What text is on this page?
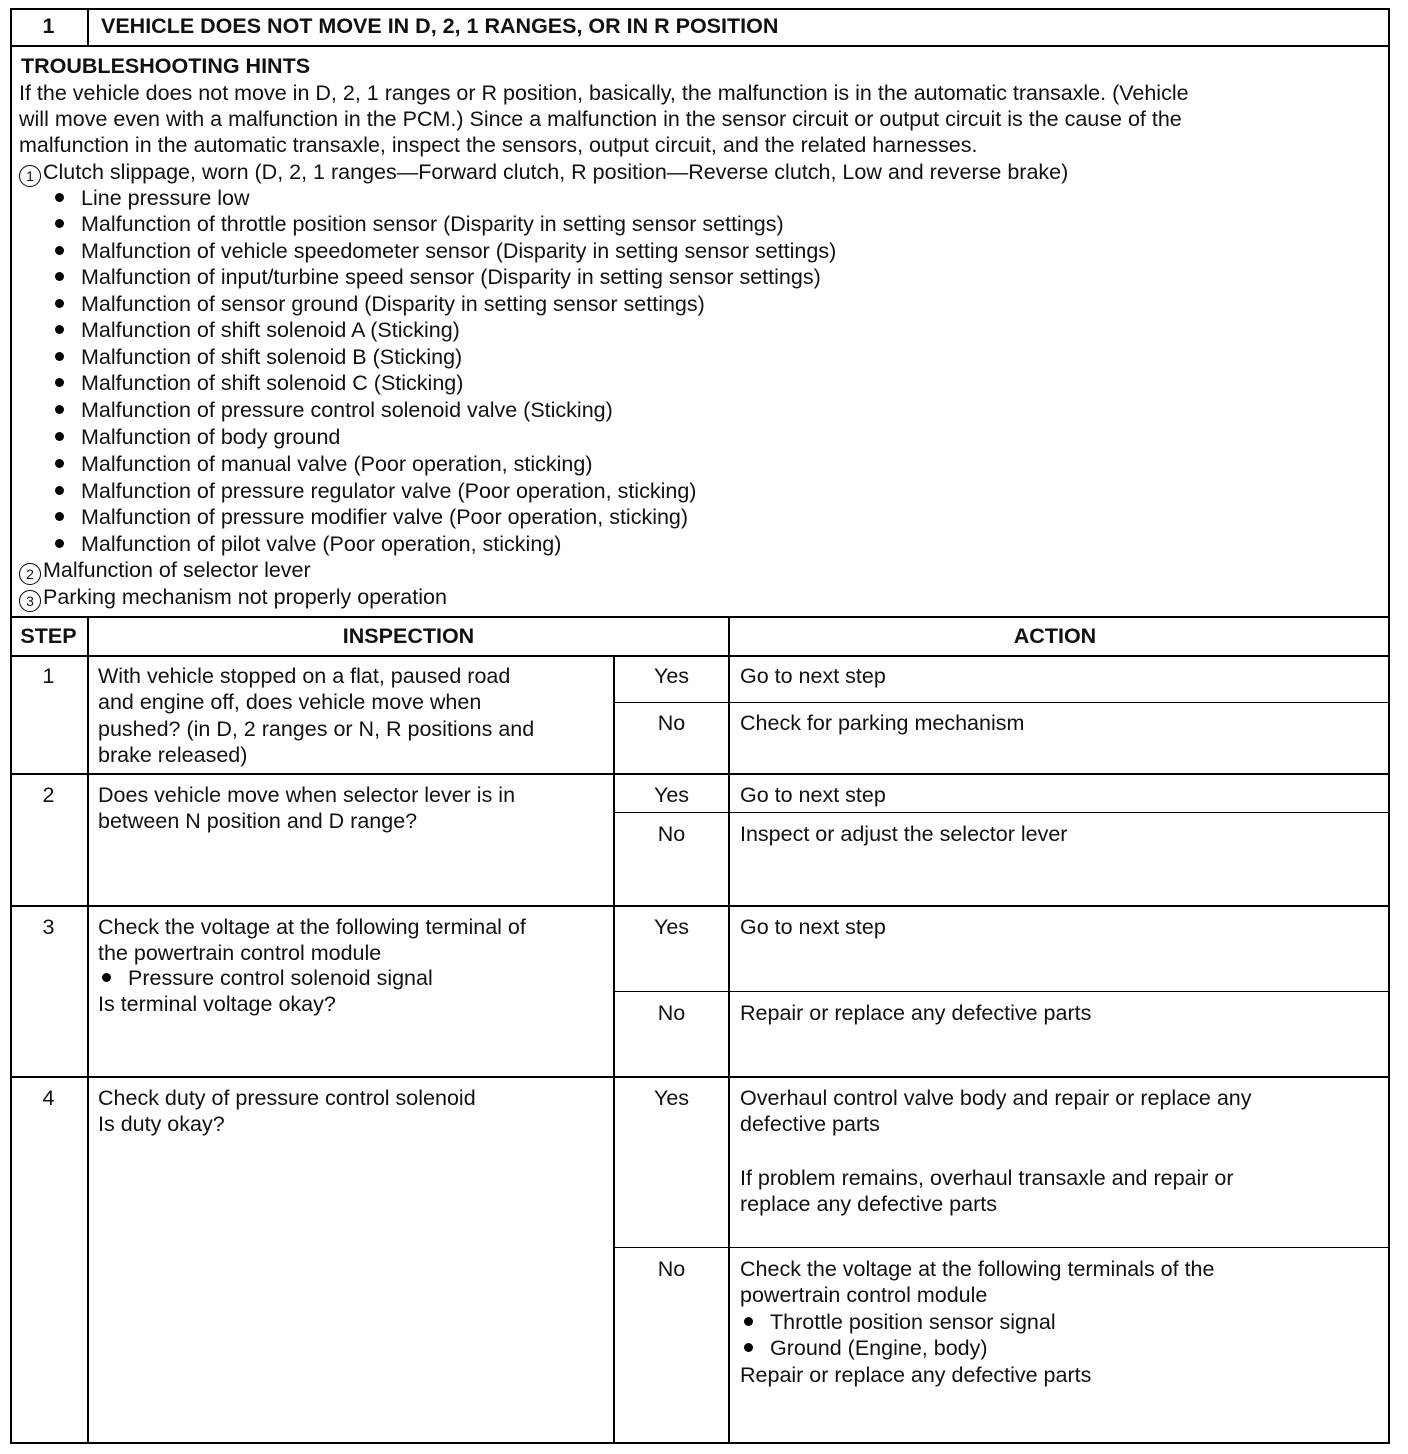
1	VEHICLE DOES NOT MOVE IN D, 2, 1 RANGES, OR IN R POSITION
TROUBLESHOOTING HINTS
If the vehicle does not move in D, 2, 1 ranges or R position, basically, the malfunction is in the automatic transaxle. (Vehicle
will move even with a malfunction in the PCM.) Since a malfunction in the sensor circuit or output circuit is the cause of the
malfunction in the automatic transaxle, inspect the sensors, output circuit, and the related harnesses.
1 Clutch slippage, worn (D, 2, 1 ranges—Forward clutch, R position—Reverse clutch, Low and reverse brake)
Line pressure low
Malfunction of throttle position sensor (Disparity in setting sensor settings)
Malfunction of vehicle speedometer sensor (Disparity in setting sensor settings)
Malfunction of input/turbine speed sensor (Disparity in setting sensor settings)
Malfunction of sensor ground (Disparity in setting sensor settings)
Malfunction of shift solenoid A (Sticking)
Malfunction of shift solenoid B (Sticking)
Malfunction of shift solenoid C (Sticking)
Malfunction of pressure control solenoid valve (Sticking)
Malfunction of body ground
Malfunction of manual valve (Poor operation, sticking)
Malfunction of pressure regulator valve (Poor operation, sticking)
Malfunction of pressure modifier valve (Poor operation, sticking)
Malfunction of pilot valve (Poor operation, sticking)
2 Malfunction of selector lever
3 Parking mechanism not properly operation
STEP	INSPECTION	ACTION
1	With vehicle stopped on a flat, paused road
and engine off, does vehicle move when
pushed? (in D, 2 ranges or N, R positions and
brake released)
Yes	Go to next step
No	Check for parking mechanism
2	Does vehicle move when selector lever is in
between N position and D range?
Yes	Go to next step
No	Inspect or adjust the selector lever
3	Check the voltage at the following terminal of
the powertrain control module
Pressure control solenoid signal
Is terminal voltage okay?
Yes	Go to next step
No	Repair or replace any defective parts
4	Check duty of pressure control solenoid
Is duty okay?
Yes	Overhaul control valve body and repair or replace any
defective parts
If problem remains, overhaul transaxle and repair or
replace any defective parts
No	Check the voltage at the following terminals of the
powertrain control module
Throttle position sensor signal
Ground (Engine, body)
Repair or replace any defective parts
